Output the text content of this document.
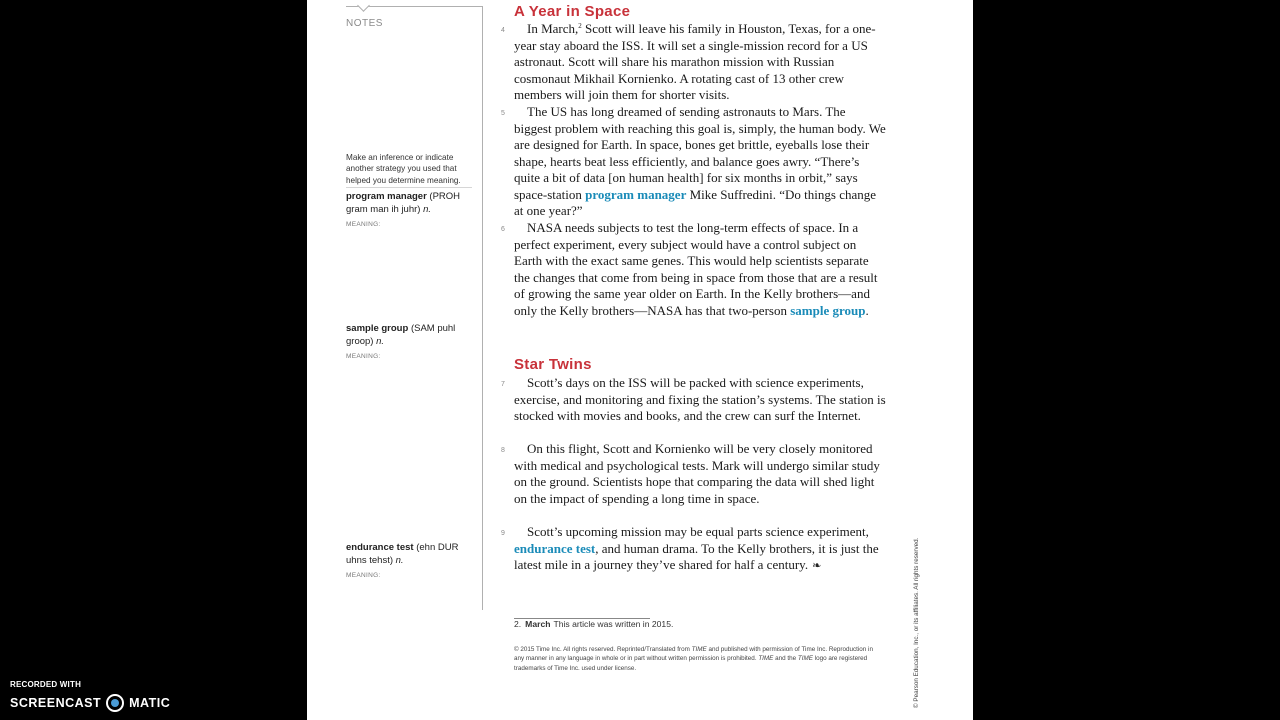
NOTES
Make an inference or indicate another strategy you used that helped you determine meaning.
program manager (PROH gram man ih juhr) n.
MEANING:
sample group (SAM puhl groop) n.
MEANING:
endurance test (ehn DUR uhns tehst) n.
MEANING:
A Year in Space
4 In March,$^2$ Scott will leave his family in Houston, Texas, for a one-year stay aboard the ISS. It will set a single-mission record for a US astronaut. Scott will share his marathon mission with Russian cosmonaut Mikhail Kornienko. A rotating cast of 13 other crew members will join them for shorter visits.
5 The US has long dreamed of sending astronauts to Mars. The biggest problem with reaching this goal is, simply, the human body. We are designed for Earth. In space, bones get brittle, eyeballs lose their shape, hearts beat less efficiently, and balance goes awry. “There’s quite a bit of data [on human health] for six months in orbit,” says space-station program manager Mike Suffredini. “Do things change at one year?”
6 NASA needs subjects to test the long-term effects of space. In a perfect experiment, every subject would have a control subject on Earth with the exact same genes. This would help scientists separate the changes that come from being in space from those that are a result of growing the same year older on Earth. In the Kelly brothers—and only the Kelly brothers—NASA has that two-person sample group.
Star Twins
7 Scott’s days on the ISS will be packed with science experiments, exercise, and monitoring and fixing the station’s systems. The station is stocked with movies and books, and the crew can surf the Internet.
8 On this flight, Scott and Kornienko will be very closely monitored with medical and psychological tests. Mark will undergo similar study on the ground. Scientists hope that comparing the data will shed light on the impact of spending a long time in space.
9 Scott’s upcoming mission may be equal parts science experiment, endurance test, and human drama. To the Kelly brothers, it is just the latest mile in a journey they’ve shared for half a century. ❧
2. March This article was written in 2015.
© 2015 Time Inc. All rights reserved. Reprinted/Translated from TIME and published with permission of Time Inc. Reproduction in any manner in any language in whole or in part without written permission is prohibited. TIME and the TIME logo are registered trademarks of Time Inc. used under license.	© Pearson Education, Inc., or its affiliates. All rights reserved.
RECORDED WITH
SCREENCAST MATIC
